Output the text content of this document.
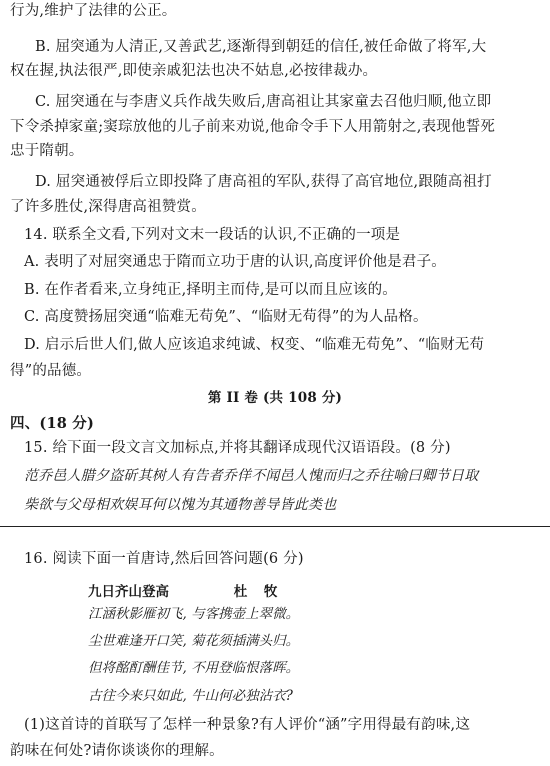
行为,维护了法律的公正。
B. 屈突通为人清正,又善武艺,逐渐得到朝廷的信任,被任命做了将军,大
权在握,执法很严,即使亲戚犯法也决不姑息,必按律裁办。
C. 屈突通在与李唐义兵作战失败后,唐高祖让其家童去召他归顺,他立即
下令杀掉家童;窦琮放他的儿子前来劝说,他命令手下人用箭射之,表现他誓死
忠于隋朝。
D. 屈突通被俘后立即投降了唐高祖的军队,获得了高官地位,跟随高祖打
了许多胜仗,深得唐高祖赞赏。
14. 联系全文看,下列对文末一段话的认识,不正确的一项是
A. 表明了对屈突通忠于隋而立功于唐的认识,高度评价他是君子。
B. 在作者看来,立身纯正,择明主而侍,是可以而且应该的。
C. 高度赞扬屈突通“临难无苟免”、“临财无苟得”的为人品格。
D. 启示后世人们,做人应该追求纯诚、权变、“临难无苟免”、“临财无苟
得”的品德。
第 II 卷 (共 108 分)
四、(18 分)
15. 给下面一段文言文加标点,并将其翻译成现代汉语语段。(8 分)
范乔邑人腊夕盗斫其树人有告者乔佯不闻邑人愧而归之乔往喻曰卿节日取
柴欲与父母相欢娱耳何以愧为其通物善导皆此类也
16. 阅读下面一首唐诗,然后回答问题(6 分)
九日齐山登高	杜 牧
江涵秋影雁初飞, 与客携壶上翠微。
尘世难逢开口笑, 菊花须插满头归。
但将酩酊酬佳节, 不用登临恨落晖。
古往今来只如此, 牛山何必独沾衣?
(1)这首诗的首联写了怎样一种景象?有人评价“涵”字用得最有韵味,这
韵味在何处?请你谈谈你的理解。
